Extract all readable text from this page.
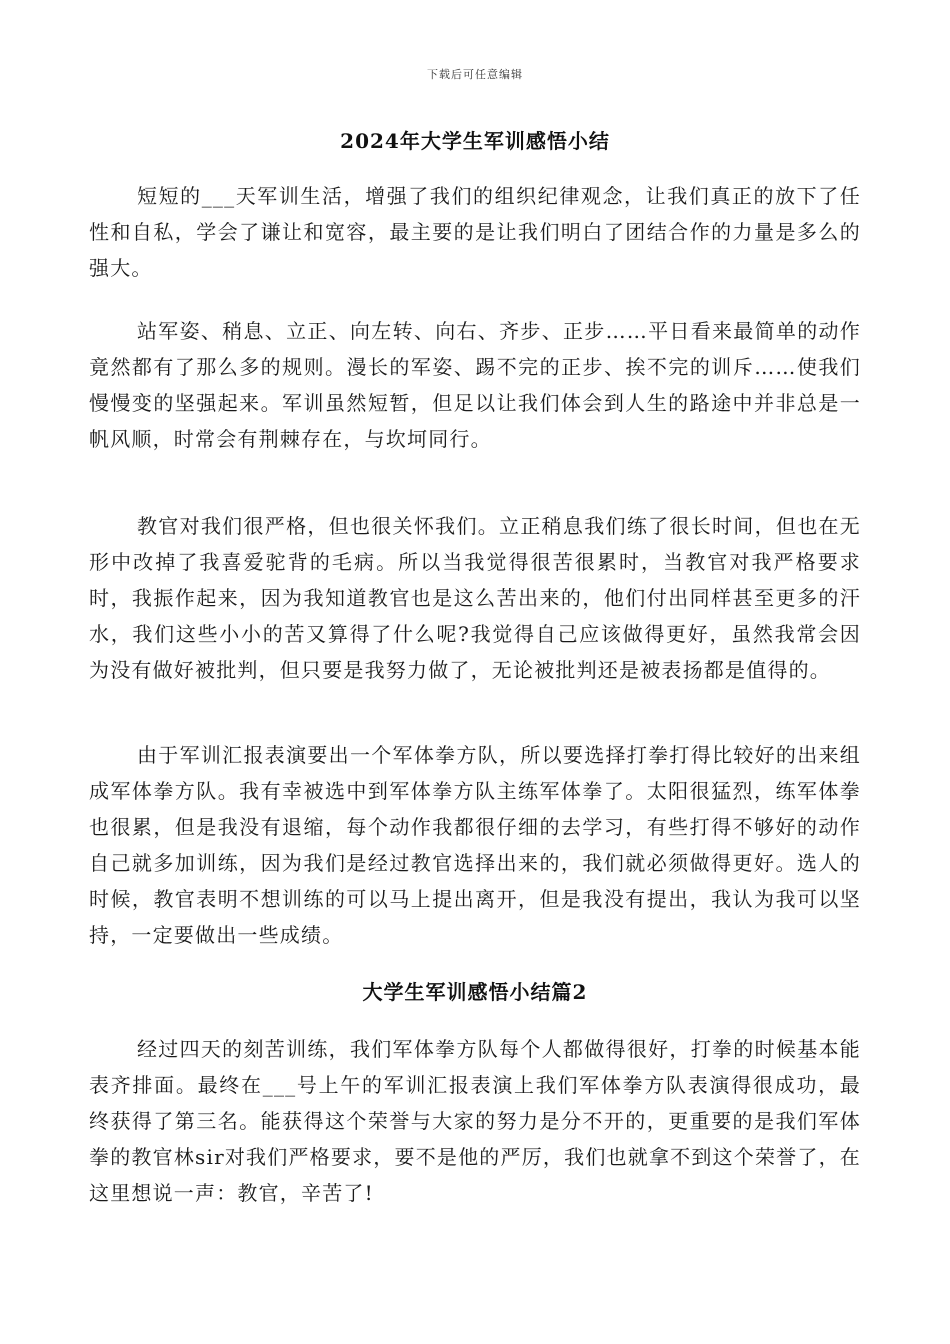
下载后可任意编辑
2024年大学生军训感悟小结

短短的___天军训生活，增强了我们的组织纪律观念，让我们真正的放下了任性和自私，学会了谦让和宽容，最主要的是让我们明白了团结合作的力量是多么的强大。

站军姿、稍息、立正、向左转、向右、齐步、正步……平日看来最简单的动作竟然都有了那么多的规则。漫长的军姿、踢不完的正步、挨不完的训斥……使我们慢慢变的坚强起来。军训虽然短暂，但足以让我们体会到人生的路途中并非总是一帆风顺，时常会有荆棘存在，与坎坷同行。

教官对我们很严格，但也很关怀我们。立正稍息我们练了很长时间，但也在无形中改掉了我喜爱驼背的毛病。所以当我觉得很苦很累时，当教官对我严格要求时，我振作起来，因为我知道教官也是这么苦出来的，他们付出同样甚至更多的汗水，我们这些小小的苦又算得了什么呢?我觉得自己应该做得更好，虽然我常会因为没有做好被批判，但只要是我努力做了，无论被批判还是被表扬都是值得的。

由于军训汇报表演要出一个军体拳方队，所以要选择打拳打得比较好的出来组成军体拳方队。我有幸被选中到军体拳方队主练军体拳了。太阳很猛烈，练军体拳也很累，但是我没有退缩，每个动作我都很仔细的去学习，有些打得不够好的动作自己就多加训练，因为我们是经过教官选择出来的，我们就必须做得更好。选人的时候，教官表明不想训练的可以马上提出离开，但是我没有提出，我认为我可以坚持，一定要做出一些成绩。

大学生军训感悟小结篇2

经过四天的刻苦训练，我们军体拳方队每个人都做得很好，打拳的时候基本能表齐排面。最终在___号上午的军训汇报表演上我们军体拳方队表演得很成功，最终获得了第三名。能获得这个荣誉与大家的努力是分不开的，更重要的是我们军体拳的教官林sir对我们严格要求，要不是他的严厉，我们也就拿不到这个荣誉了，在这里想说一声：教官，辛苦了!
